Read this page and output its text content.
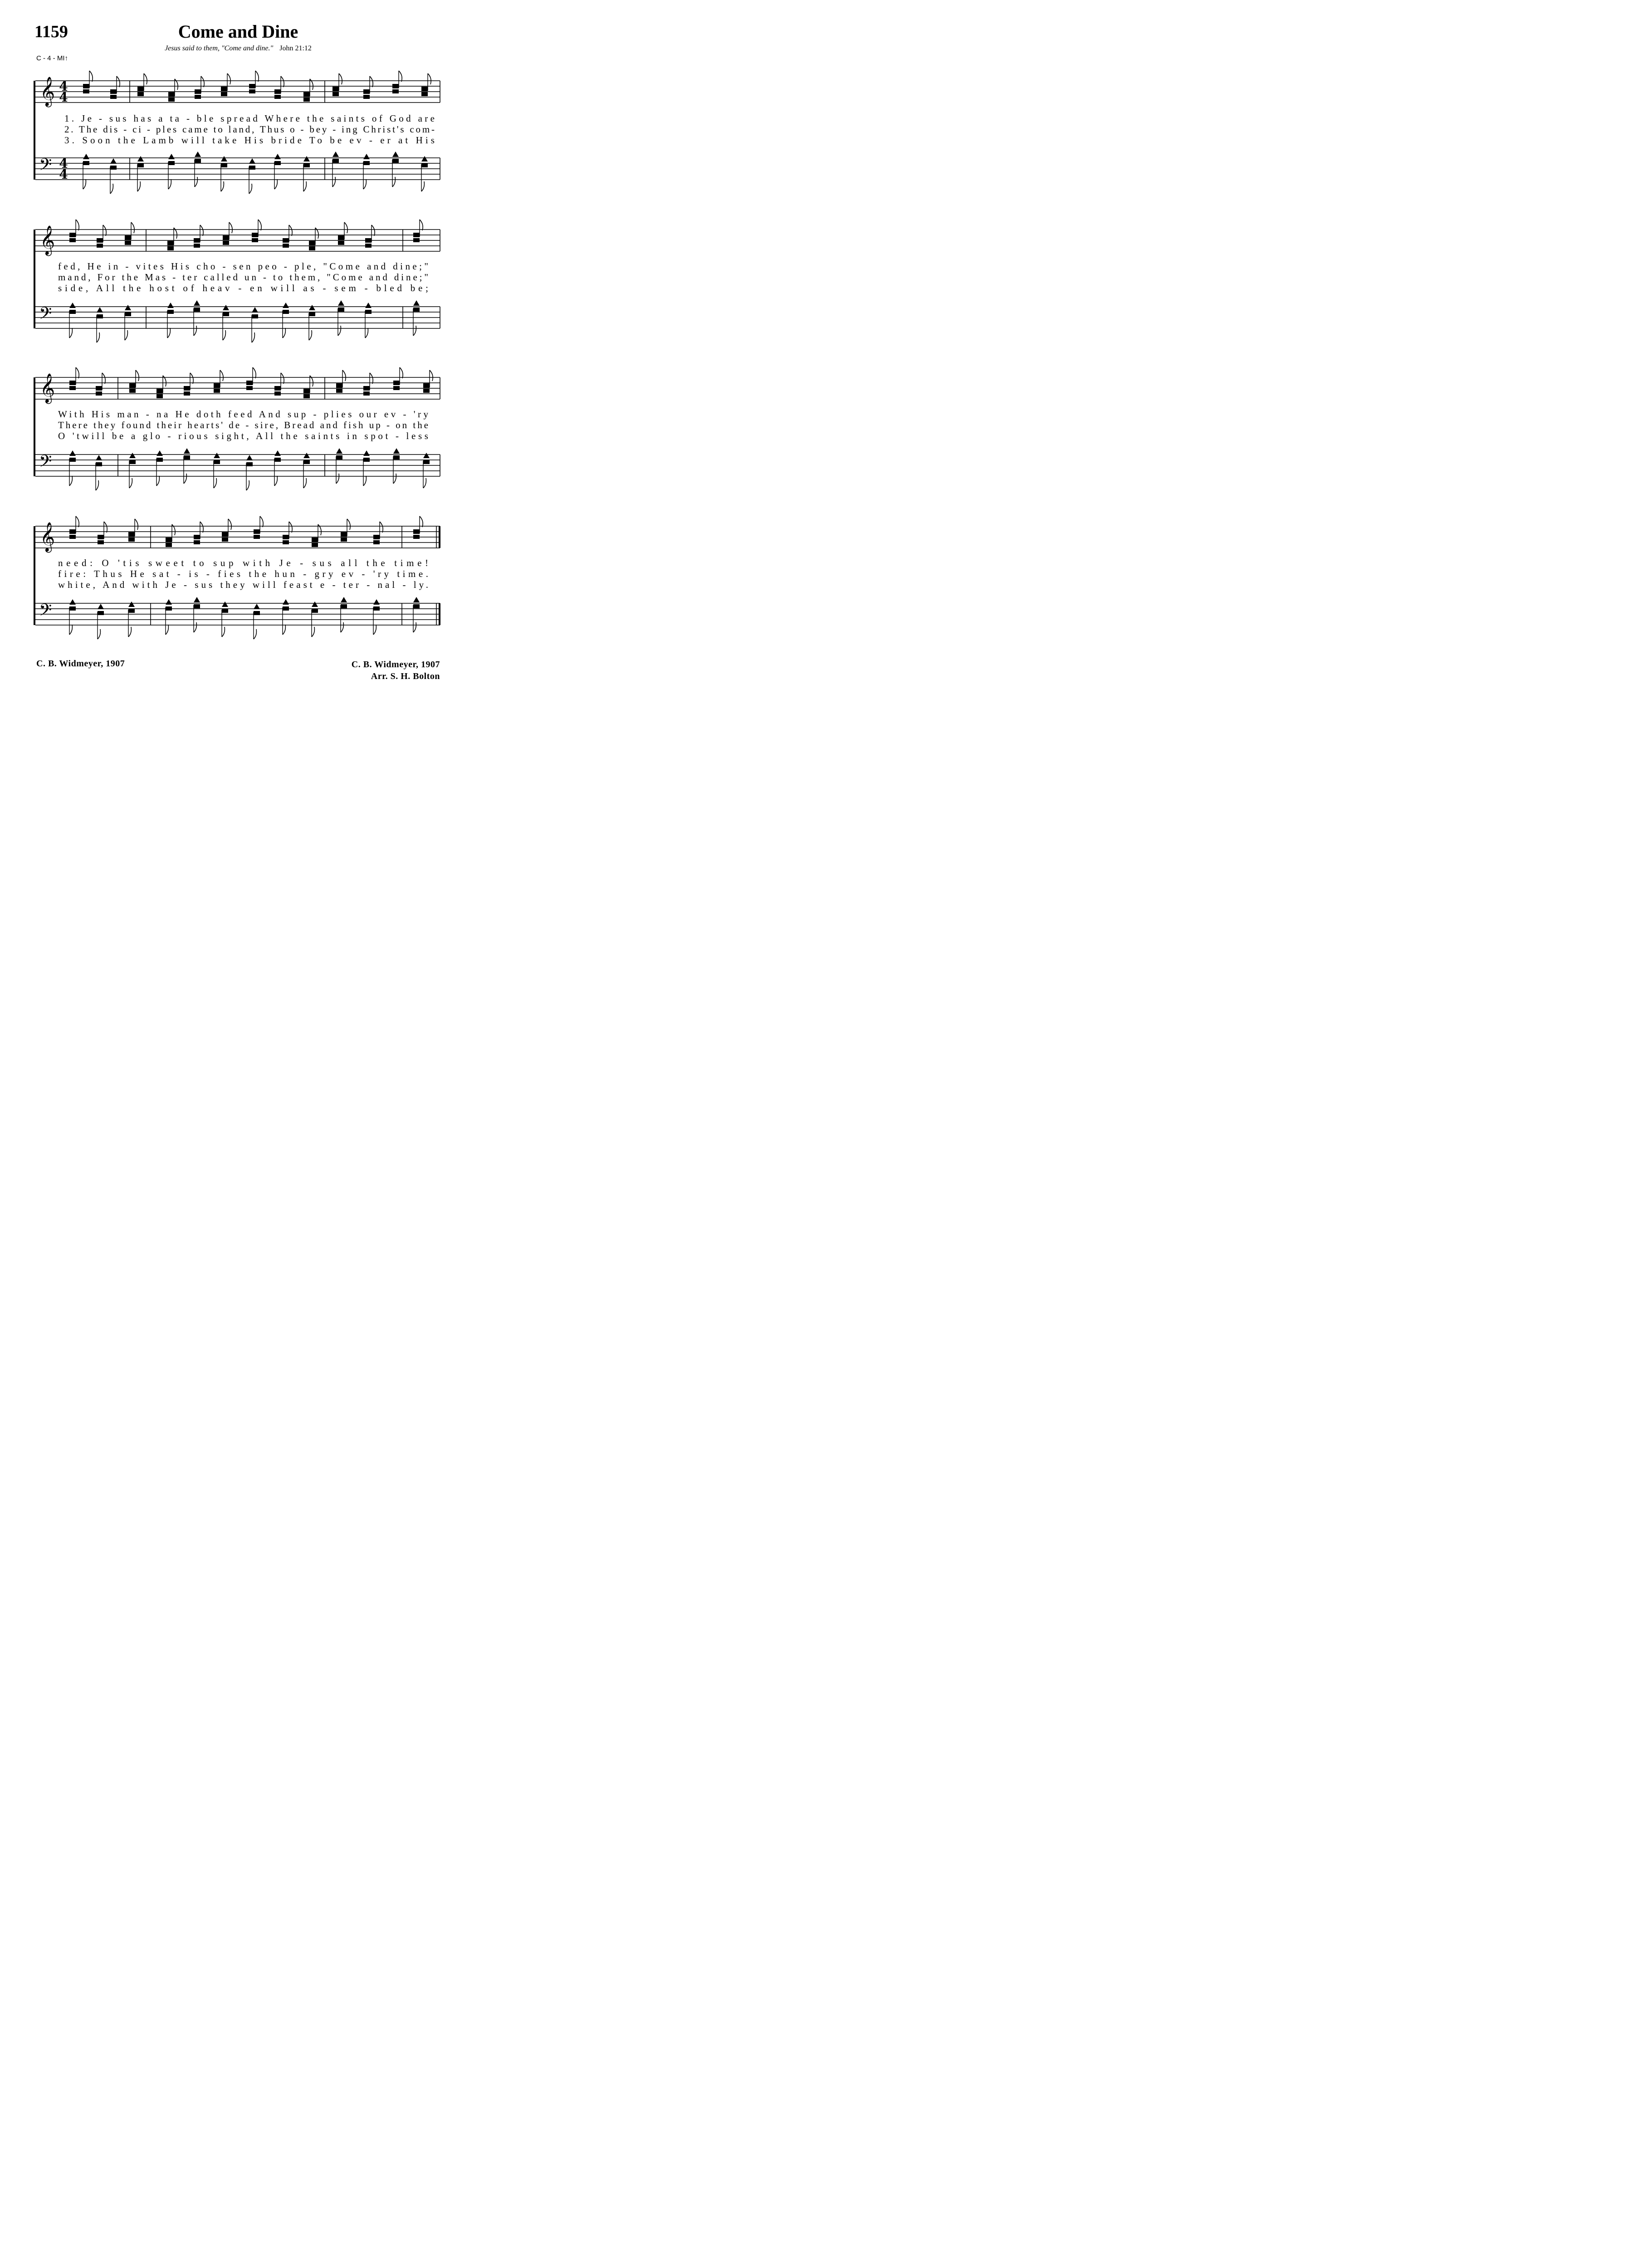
1159	Come and Dine
Jesus said to them, "Come and dine." John 21:12
C - 4 - MI↑
𝄞
𝄢
4
4
4
4
1. Je - sus has a ta - ble spread Where the saints of God are
2. The dis - ci - ples came to land, Thus o - bey - ing Christ's com-
3. Soon the Lamb will take His bride To be ev - er at His
𝄞
𝄢
fed, He in - vites His cho - sen peo - ple, "Come and dine;"
mand, For the Mas - ter called un - to them, "Come and dine;"
side, All the host of heav - en will as - sem - bled be;
𝄞
𝄢
With His man - na He doth feed And sup - plies our ev - 'ry
There they found their hearts' de - sire, Bread and fish up - on the
O 'twill be a glo - rious sight, All the saints in spot - less
𝄞
𝄢
need: O 'tis sweet to sup with Je - sus all the time!
fire: Thus He sat - is - fies the hun - gry ev - 'ry time.
white, And with Je - sus they will feast e - ter - nal - ly.
C. B. Widmeyer, 1907	C. B. Widmeyer, 1907
Arr. S. H. Bolton
